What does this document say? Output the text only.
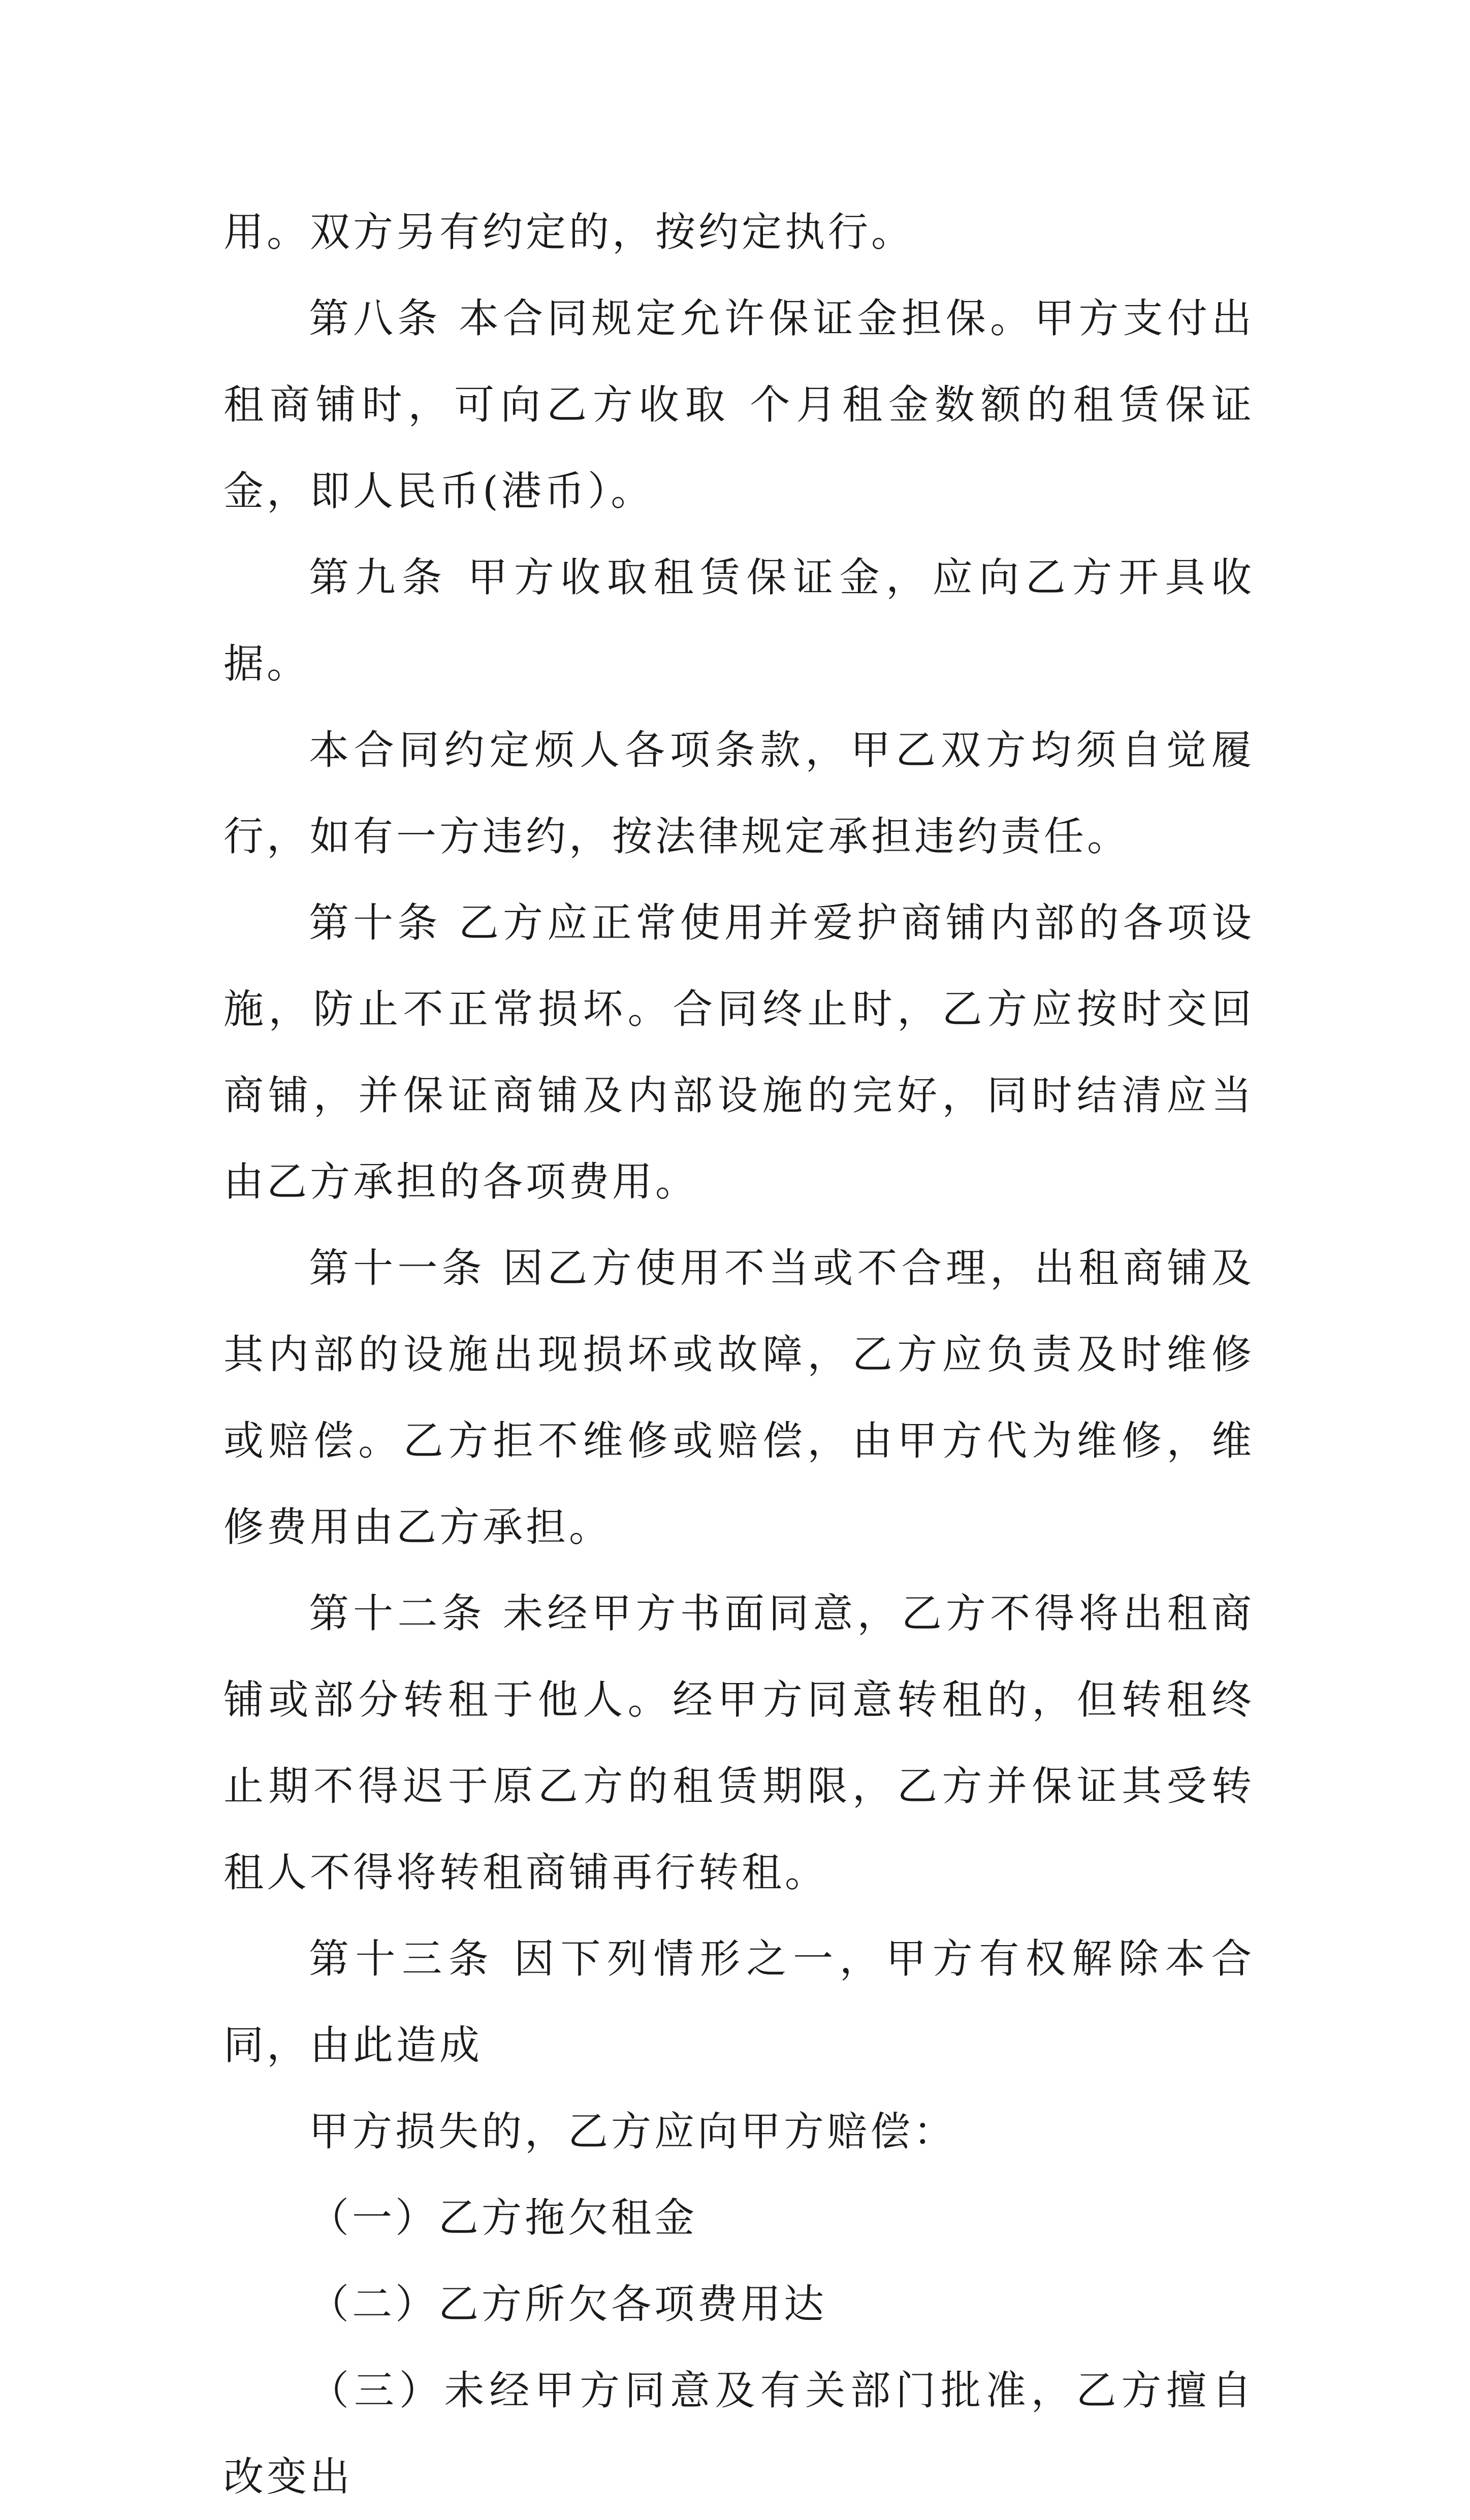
用。双方另有约定的，按约定执行。

第八条 本合同规定允许保证金担保。甲方支付出租商铺时，可向乙方收取 个月租金数额的租赁保证金，即人民币(港币）。

第九条 甲方收取租赁保证金，应向乙方开具收据。

本合同约定烦人各项条款，甲乙双方均须自觉履行，如有一方违约，按法律规定承担违约责任。

第十条 乙方应正常使用并爱护商铺内部的各项设施，防止不正常损坏。合同终止时，乙方应按时交回商铺，并保证商铺及内部设施的完好，同时结清应当由乙方承担的各项费用。

第十一条 因乙方使用不当或不合理，出租商铺及其内部的设施出现损坏或故障，乙方应负责及时维修或赔偿。乙方拒不维修或赔偿，由甲方代为维修，维修费用由乙方承担。

第十二条 未经甲方书面同意，乙方不得将出租商铺或部分转租于他人。经甲方同意转租的，但转租终止期不得迟于原乙方的租赁期限，乙方并保证其受转租人不得将转租商铺再行转租。

第十三条 因下列情形之一，甲方有权解除本合同，由此造成

甲方损失的，乙方应向甲方赔偿：

（一）乙方拖欠租金

（二）乙方所欠各项费用达

（三）未经甲方同意及有关部门批准，乙方擅自改变出
